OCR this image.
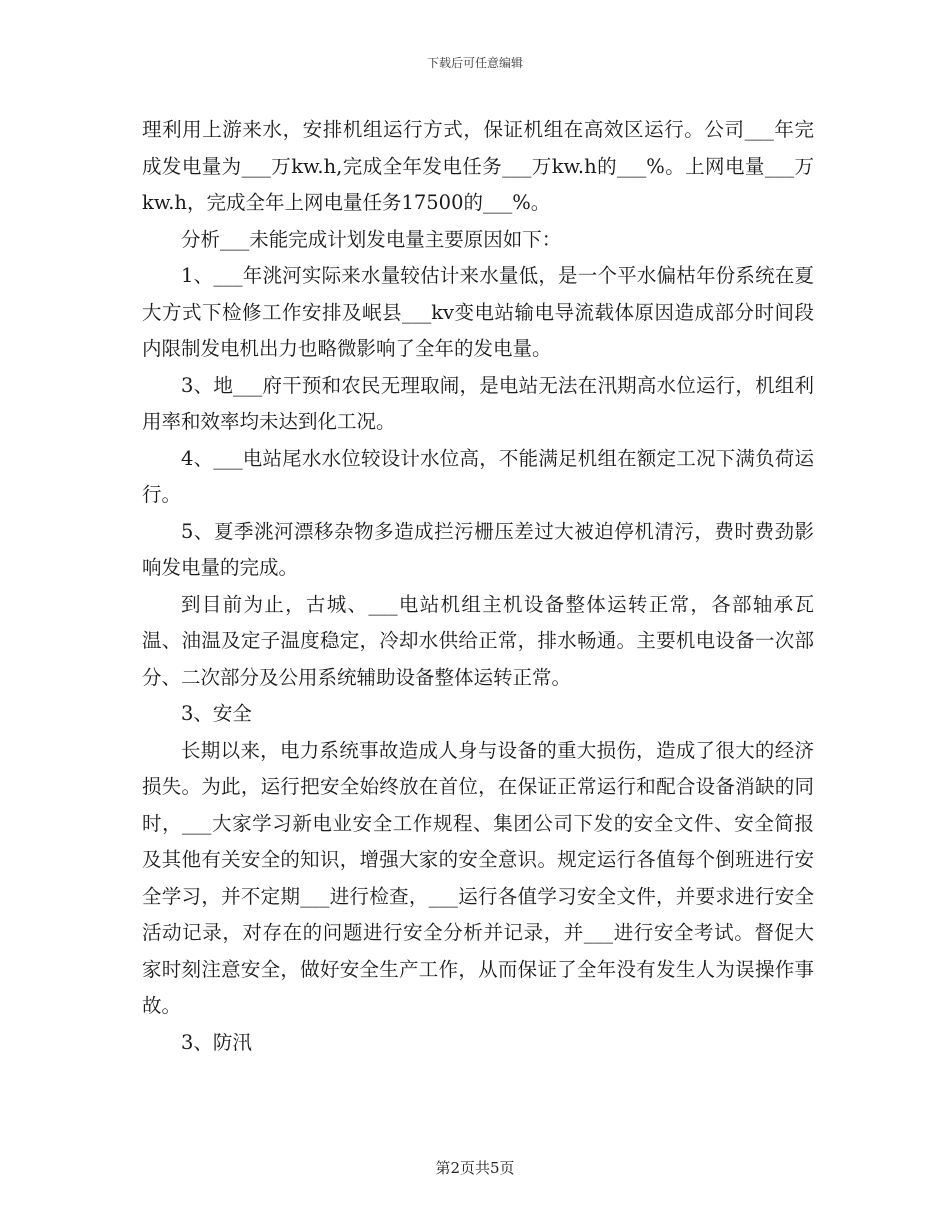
下载后可任意编辑

理利用上游来水，安排机组运行方式，保证机组在高效区运行。公司___年完成发电量为___万kw.h,完成全年发电任务___万kw.h的___%。上网电量___万kw.h，完成全年上网电量任务17500的___%。

分析___未能完成计划发电量主要原因如下：

1、___年洮河实际来水量较估计来水量低，是一个平水偏枯年份系统在夏大方式下检修工作安排及岷县___kv变电站输电导流载体原因造成部分时间段内限制发电机出力也略微影响了全年的发电量。

3、地___府干预和农民无理取闹，是电站无法在汛期高水位运行，机组利用率和效率均未达到化工况。

4、___电站尾水水位较设计水位高，不能满足机组在额定工况下满负荷运行。

5、夏季洮河漂移杂物多造成拦污栅压差过大被迫停机清污，费时费劲影响发电量的完成。

到目前为止，古城、___电站机组主机设备整体运转正常，各部轴承瓦温、油温及定子温度稳定，冷却水供给正常，排水畅通。主要机电设备一次部分、二次部分及公用系统辅助设备整体运转正常。

3、安全

长期以来，电力系统事故造成人身与设备的重大损伤，造成了很大的经济损失。为此，运行把安全始终放在首位，在保证正常运行和配合设备消缺的同时，___大家学习新电业安全工作规程、集团公司下发的安全文件、安全简报及其他有关安全的知识，增强大家的安全意识。规定运行各值每个倒班进行安全学习，并不定期___进行检查，___运行各值学习安全文件，并要求进行安全活动记录，对存在的问题进行安全分析并记录，并___进行安全考试。督促大家时刻注意安全，做好安全生产工作，从而保证了全年没有发生人为误操作事故。

3、防汛

第2页共5页
